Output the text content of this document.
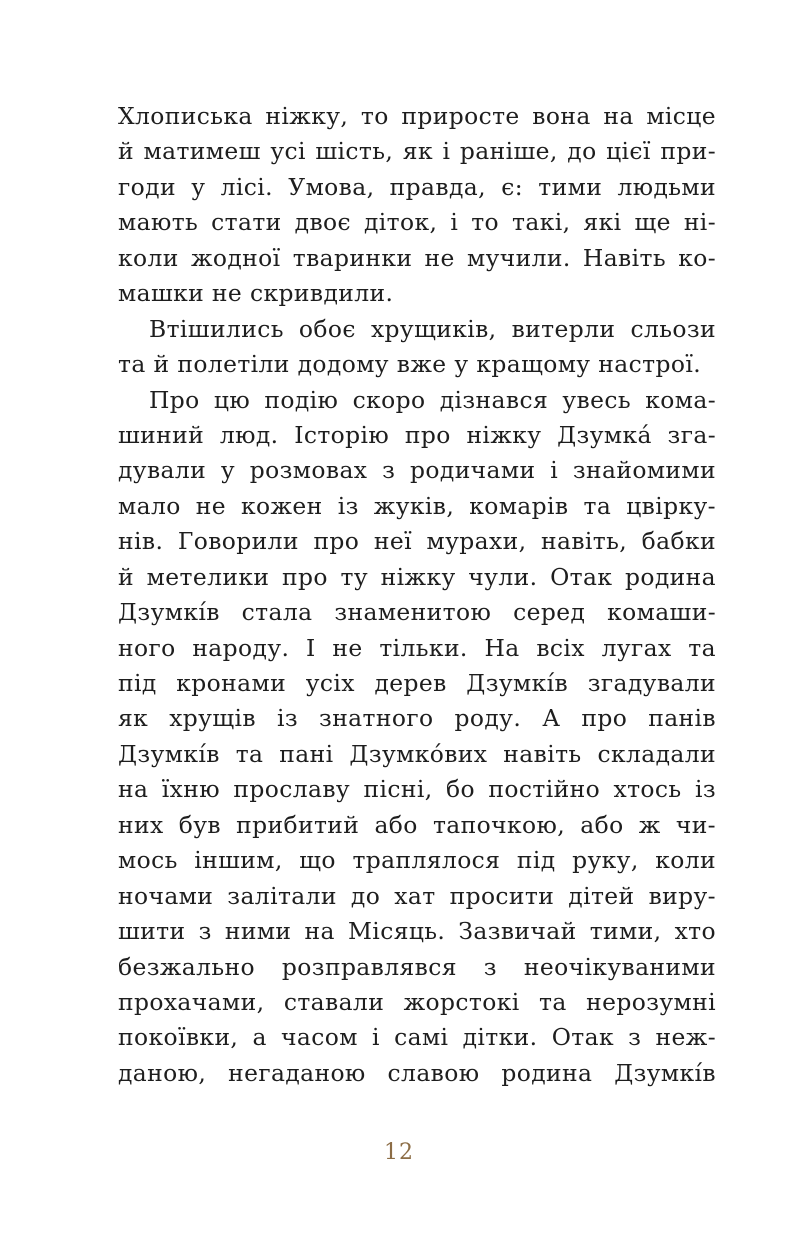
Хлописька ніжку, то приросте вона на місце
й матимеш усі шість, як і раніше, до цієї при-
годи у лісі. Умова, правда, є: тими людьми
мають стати двоє діток, і то такі, які ще ні-
коли жодної тваринки не мучили. Навіть ко-
машки не скривдили.
Втішились обоє хрущиків, витерли сльози
та й полетіли додому вже у кращому настрої.
Про цю подію скоро дізнався увесь кома-
шиний люд. Історію про ніжку Дзумка́ зга-
дували у розмовах з родичами і знайомими
мало не кожен із жуків, комарів та цвірку-
нів. Говорили про неї мурахи, навіть, бабки
й метелики про ту ніжку чули. Отак родина
Дзумкі́в стала знаменитою серед комаши-
ного народу. І не тільки. На всіх лугах та
під кронами усіх дерев Дзумкі́в згадували
як хрущів із знатного роду. А про панів
Дзумкі́в та пані Дзумко́вих навіть складали
на їхню прославу пісні, бо постійно хтось із
них був прибитий або тапочкою, або ж чи-
мось іншим, що траплялося під руку, коли
ночами залітали до хат просити дітей виру-
шити з ними на Місяць. Зазвичай тими, хто
безжально розправлявся з неочікуваними
прохачами, ставали жорстокі та нерозумні
покоївки, а часом і самі дітки. Отак з неж-
даною, негаданою славою родина Дзумкі́в
12
